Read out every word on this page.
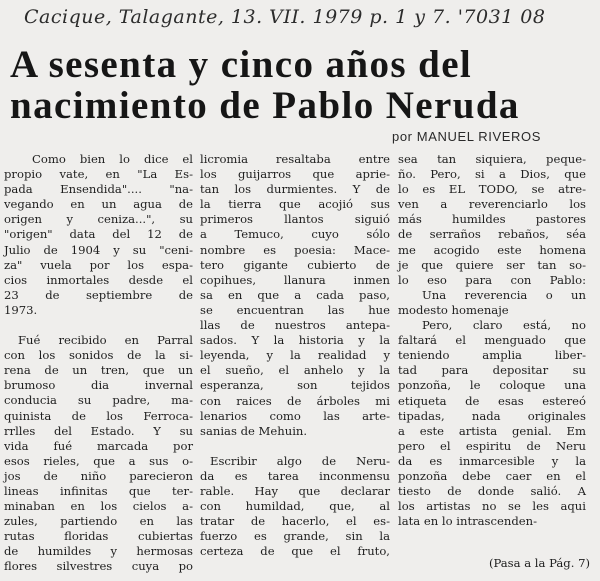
Cacique, Talagante, 13. VII. 1979 p. 1 y 7. '7031 08
A sesenta y cinco años del
nacimiento de Pablo Neruda
por MANUEL RIVEROS

Como bien lo dice el
propio vate, en "La Es-
pada Ensendida".... "na-
vegando en un agua de
origen y ceniza...", su
"origen" data del 12 de
Julio de 1904 y su "ceni-
za" vuela por los espa-
cios inmortales desde el
23 de septiembre de
1973.

Fué recibido en Parral
con los sonidos de la si-
rena de un tren, que un
brumoso dia invernal
conducia su padre, ma-
quinista de los Ferroca-
rrlles del Estado. Y su
vida fué marcada por
esos rieles, que a sus o-
jos de niño parecieron
lineas infinitas que ter-
minaban en los cielos a-
zules, partiendo en las
rutas floridas cubiertas
de humildes y hermosas
flores silvestres cuya po

licromia resaltaba entre
los guijarros que aprie-
tan los durmientes. Y de
la tierra que acojió sus
primeros llantos siguió
a Temuco, cuyo sólo
nombre es poesia: Mace-
tero gigante cubierto de
copihues, llanura inmen
sa en que a cada paso,
se encuentran las hue
llas de nuestros antepa-
sados. Y la historia y la
leyenda, y la realidad y
el sueño, el anhelo y la
esperanza, son tejidos
con raices de árboles mi
lenarios como las arte-
sanias de Mehuin.

Escribir algo de Neru-
da es tarea inconmensu
rable. Hay que declarar
con humildad, que, al
tratar de hacerlo, el es-
fuerzo es grande, sin la
certeza de que el fruto,

sea tan siquiera, peque-
ño. Pero, si a Dios, que
lo es EL TODO, se atre-
ven a reverenciarlo los
más humildes pastores
de serraños rebaños, séa
me acogido este homena
je que quiere ser tan so-
lo eso para con Pablo:
Una reverencia o un
modesto homenaje

Pero, claro está, no
faltará el menguado que
teniendo amplia liber-
tad para depositar su
ponzoña, le coloque una
etiqueta de esas estereó
tipadas, nada originales
a este artista genial. Em
pero el espiritu de Neru
da es inmarcesible y la
ponzoña debe caer en el
tiesto de donde salió. A
los artistas no se les aqui
lata en lo intrascenden-

(Pasa a la Pág. 7)
